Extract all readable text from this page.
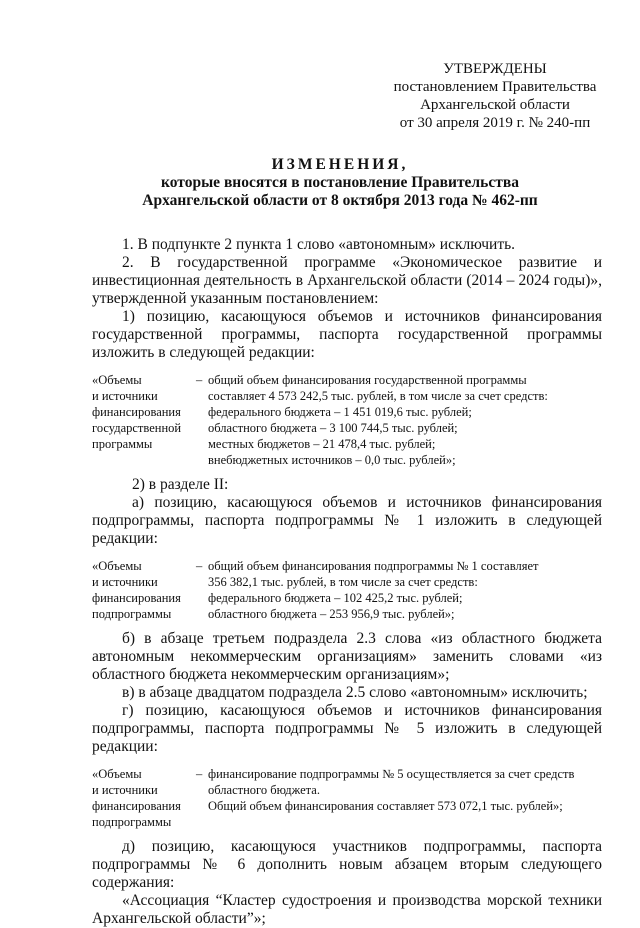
УТВЕРЖДЕНЫ
постановлением Правительства
Архангельской области
от 30 апреля 2019 г. № 240-пп
ИЗМЕНЕНИЯ,
которые вносятся в постановление Правительства
Архангельской области от 8 октября 2013 года № 462-пп

1. В подпункте 2 пункта 1 слово «автономным» исключить.

2. В государственной программе «Экономическое развитие и инвестиционная деятельность в Архангельской области (2014 – 2024 годы)», утвержденной указанным постановлением:

1) позицию, касающуюся объемов и источников финансирования государственной программы, паспорта государственной программы изложить в следующей редакции:

«Объемы
и источники
финансирования
государственной
программы
– общий объем финансирования государственной программы
составляет 4 573 242,5 тыс. рублей, в том числе за счет средств:
федерального бюджета – 1 451 019,6 тыс. рублей;
областного бюджета – 3 100 744,5 тыс. рублей;
местных бюджетов – 21 478,4 тыс. рублей;
внебюджетных источников – 0,0 тыс. рублей»;

2) в разделе II:

а) позицию, касающуюся объемов и источников финансирования подпрограммы, паспорта подпрограммы № 1 изложить в следующей редакции:

«Объемы
и источники
финансирования
подпрограммы
– общий объем финансирования подпрограммы № 1 составляет
356 382,1 тыс. рублей, в том числе за счет средств:
федерального бюджета – 102 425,2 тыс. рублей;
областного бюджета – 253 956,9 тыс. рублей»;

б) в абзаце третьем подраздела 2.3 слова «из областного бюджета автономным некоммерческим организациям» заменить словами «из областного бюджета некоммерческим организациям»;

в) в абзаце двадцатом подраздела 2.5 слово «автономным» исключить;

г) позицию, касающуюся объемов и источников финансирования подпрограммы, паспорта подпрограммы № 5 изложить в следующей редакции:

«Объемы
и источники
финансирования
подпрограммы
– финансирование подпрограммы № 5 осуществляется за счет средств
областного бюджета.
Общий объем финансирования составляет 573 072,1 тыс. рублей»;

д) позицию, касающуюся участников подпрограммы, паспорта подпрограммы № 6 дополнить новым абзацем вторым следующего содержания:

«Ассоциация “Кластер судостроения и производства морской техники Архангельской области”»;
